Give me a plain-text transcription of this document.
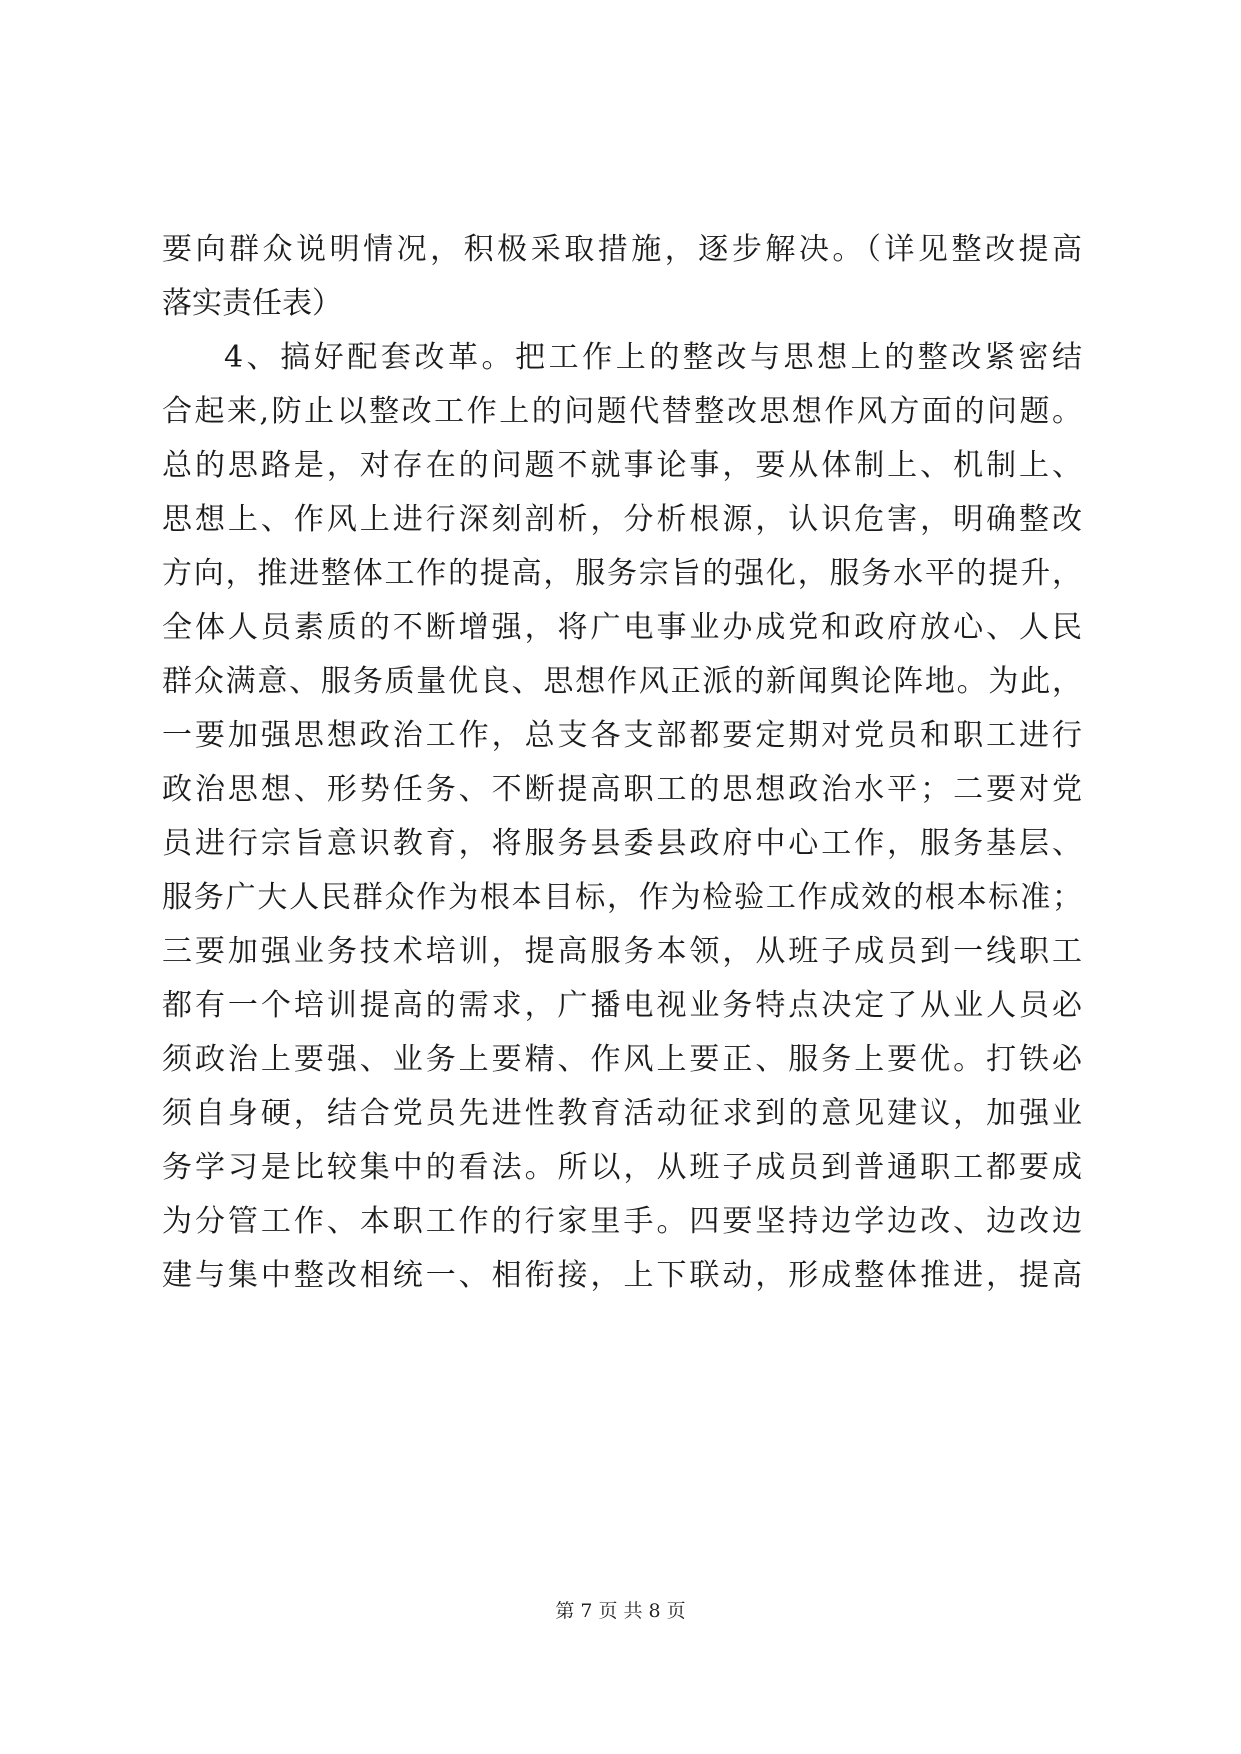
要向群众说明情况，积极采取措施，逐步解决。（详见整改提高
落实责任表）
4、搞好配套改革。把工作上的整改与思想上的整改紧密结
合起来,防止以整改工作上的问题代替整改思想作风方面的问题。
总的思路是，对存在的问题不就事论事，要从体制上、机制上、
思想上、作风上进行深刻剖析，分析根源，认识危害，明确整改
方向，推进整体工作的提高，服务宗旨的强化，服务水平的提升，
全体人员素质的不断增强，将广电事业办成党和政府放心、人民
群众满意、服务质量优良、思想作风正派的新闻舆论阵地。为此，
一要加强思想政治工作，总支各支部都要定期对党员和职工进行
政治思想、形势任务、不断提高职工的思想政治水平；二要对党
员进行宗旨意识教育，将服务县委县政府中心工作，服务基层、
服务广大人民群众作为根本目标，作为检验工作成效的根本标准；
三要加强业务技术培训，提高服务本领，从班子成员到一线职工
都有一个培训提高的需求，广播电视业务特点决定了从业人员必
须政治上要强、业务上要精、作风上要正、服务上要优。打铁必
须自身硬，结合党员先进性教育活动征求到的意见建议，加强业
务学习是比较集中的看法。所以，从班子成员到普通职工都要成
为分管工作、本职工作的行家里手。四要坚持边学边改、边改边
建与集中整改相统一、相衔接，上下联动，形成整体推进，提高
第 7 页 共 8 页
